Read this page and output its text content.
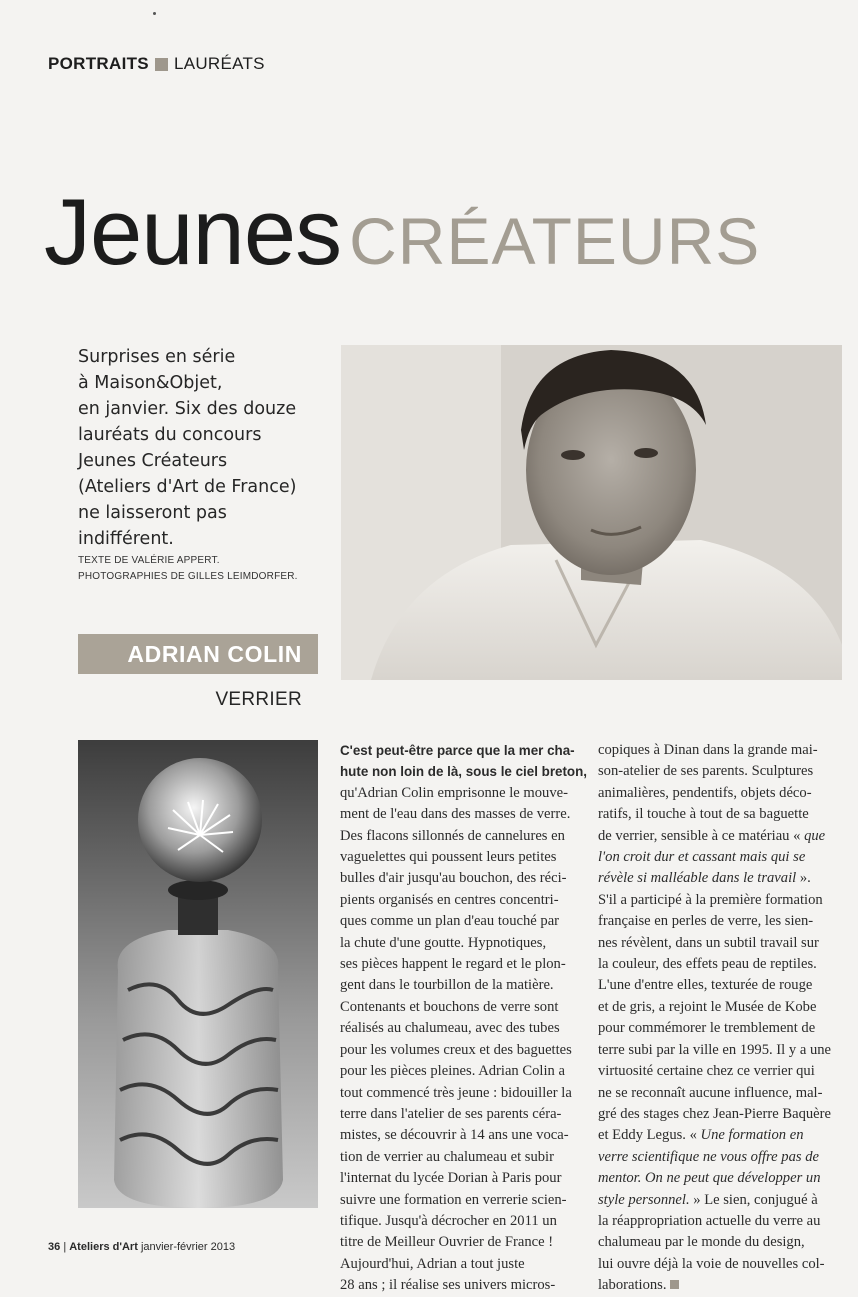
PORTRAITS LAURÉATS
Jeunes CRÉATEURS
Surprises en série
à Maison&Objet,
en janvier. Six des douze
lauréats du concours
Jeunes Créateurs
(Ateliers d'Art de France)
ne laisseront pas
indifférent.
TEXTE DE VALÉRIE APPERT.
PHOTOGRAPHIES DE GILLES LEIMDORFER.
ADRIAN COLIN
VERRIER
C'est peut-être parce que la mer cha-
hute non loin de là, sous le ciel breton,
qu'Adrian Colin emprisonne le mouve-
ment de l'eau dans des masses de verre.
Des flacons sillonnés de cannelures en
vaguelettes qui poussent leurs petites
bulles d'air jusqu'au bouchon, des réci-
pients organisés en centres concentri-
ques comme un plan d'eau touché par
la chute d'une goutte. Hypnotiques,
ses pièces happent le regard et le plon-
gent dans le tourbillon de la matière.
Contenants et bouchons de verre sont
réalisés au chalumeau, avec des tubes
pour les volumes creux et des baguettes
pour les pièces pleines. Adrian Colin a
tout commencé très jeune : bidouiller la
terre dans l'atelier de ses parents céra-
mistes, se découvrir à 14 ans une voca-
tion de verrier au chalumeau et subir
l'internat du lycée Dorian à Paris pour
suivre une formation en verrerie scien-
tifique. Jusqu'à décrocher en 2011 un
titre de Meilleur Ouvrier de France !
Aujourd'hui, Adrian a tout juste
28 ans ; il réalise ses univers micros-
copiques à Dinan dans la grande mai-
son-atelier de ses parents. Sculptures
animalières, pendentifs, objets déco-
ratifs, il touche à tout de sa baguette
de verrier, sensible à ce matériau « que
l'on croit dur et cassant mais qui se
révèle si malléable dans le travail ».
S'il a participé à la première formation
française en perles de verre, les sien-
nes révèlent, dans un subtil travail sur
la couleur, des effets peau de reptiles.
L'une d'entre elles, texturée de rouge
et de gris, a rejoint le Musée de Kobe
pour commémorer le tremblement de
terre subi par la ville en 1995. Il y a une
virtuosité certaine chez ce verrier qui
ne se reconnaît aucune influence, mal-
gré des stages chez Jean-Pierre Baquère
et Eddy Legus. « Une formation en
verre scientifique ne vous offre pas de
mentor. On ne peut que développer un
style personnel. » Le sien, conjugué à
la réappropriation actuelle du verre au
chalumeau par le monde du design,
lui ouvre déjà la voie de nouvelles col-
laborations.
36 | Ateliers d'Art janvier-février 2013
